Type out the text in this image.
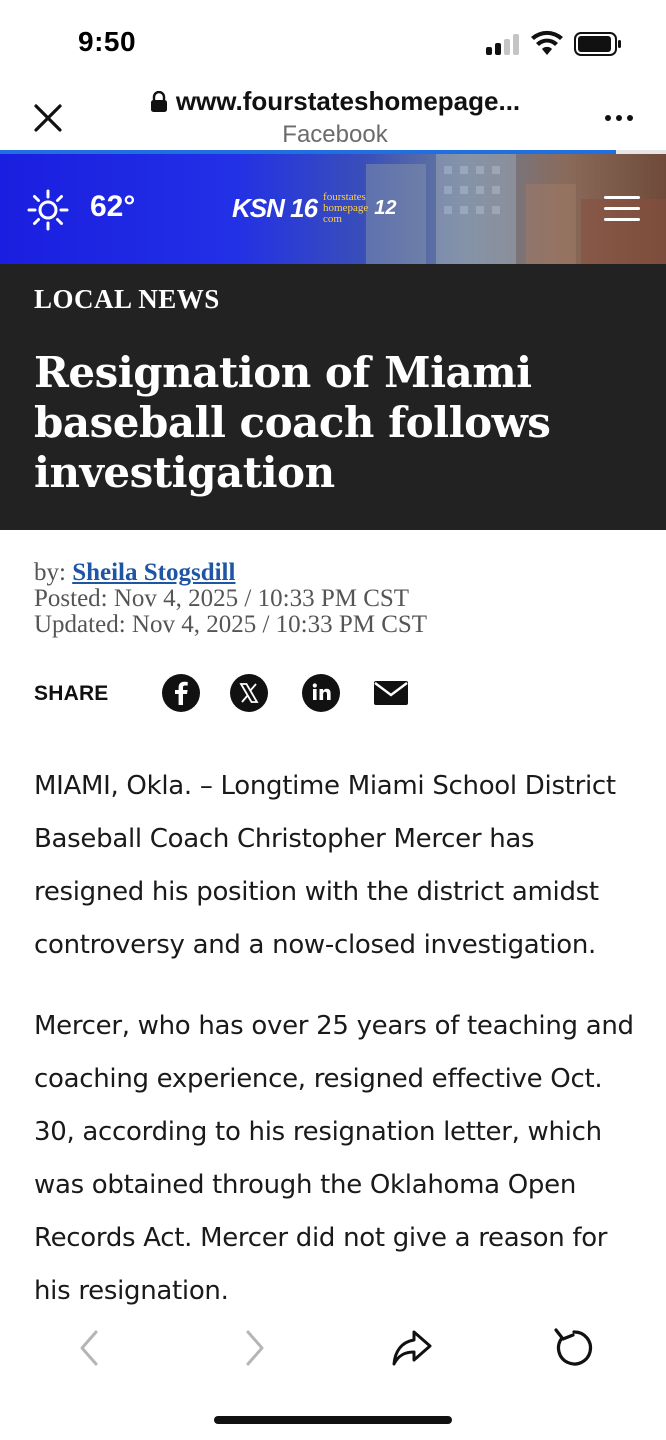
9:50
www.fourstateshomepage...
Facebook
62°	KSN 16 fourstates
homepage
com	12
LOCAL NEWS
Resignation of Miami baseball coach follows investigation
by: Sheila Stogsdill
Posted: Nov 4, 2025 / 10:33 PM CST
Updated: Nov 4, 2025 / 10:33 PM CST
SHARE

MIAMI, Okla. – Longtime Miami School District Baseball Coach Christopher Mercer has resigned his position with the district amidst controversy and a now-closed investigation.

Mercer, who has over 25 years of teaching and coaching experience, resigned effective Oct. 30, according to his resignation letter, which was obtained through the Oklahoma Open Records Act. Mercer did not give a reason for his resignation.
